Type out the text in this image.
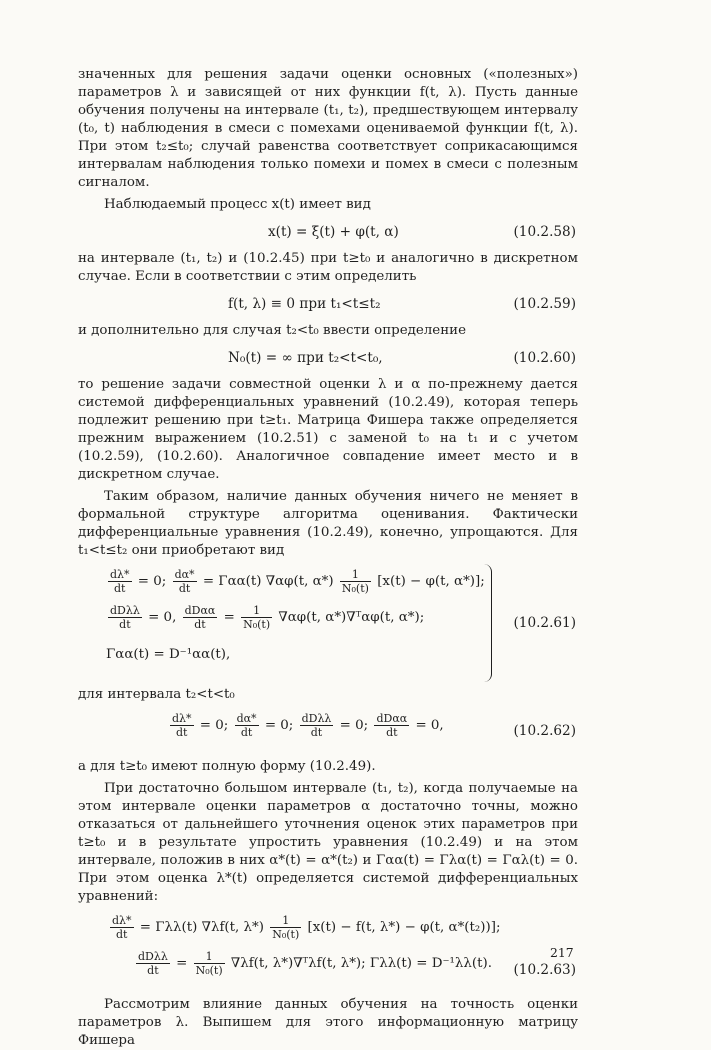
значенных для решения задачи оценки основных («полезных») параметров λ и зависящей от них функции f(t, λ). Пусть данные обучения получены на интервале (t₁, t₂), предшествующем интервалу (t₀, t) наблюдения в смеси с помехами оцениваемой функции f(t, λ). При этом t₂≤t₀; случай равенства соответствует соприкасающимся интервалам наблюдения только помехи и помех в смеси с полезным сигналом.

Наблюдаемый процесс x(t) имеет вид

x(t) = ξ(t) + φ(t, α)	(10.2.58)

на интервале (t₁, t₂) и (10.2.45) при t≥t₀ и аналогично в дискретном случае. Если в соответствии с этим определить

f(t, λ) ≡ 0 при t₁<t≤t₂	(10.2.59)

и дополнительно для случая t₂<t₀ ввести определение

N₀(t) = ∞ при t₂<t<t₀,	(10.2.60)

то решение задачи совместной оценки λ и α по-прежнему дается системой дифференциальных уравнений (10.2.49), которая теперь подлежит решению при t≥t₁. Матрица Фишера также определяется прежним выражением (10.2.51) с заменой t₀ на t₁ и с учетом (10.2.59), (10.2.60). Аналогичное совпадение имеет место и в дискретном случае.

Таким образом, наличие данных обучения ничего не меняет в формальной структуре алгоритма оценивания. Фактически дифференциальные уравнения (10.2.49), конечно, упрощаются. Для t₁<t≤t₂ они приобретают вид

$\frac{d\lambda*}{dt} = 0$; $\frac{d\alpha*}{dt} = \Gamma\alpha\alpha(t)$ ∇αφ(t, $\alpha*) \frac{1}{\text{N₀(t)}} [x(t) - \varphi(t$, α*)];
$\frac{\text{dDλλ}}{dt} = 0$, $\frac{\text{dDαα}}{dt} = \frac{1}{\text{N₀(t)}} \nabla\alpha\varphi(t$, α*)∇ᵀαφ(t, α*);
Γαα(t) = D⁻¹αα(t),
(10.2.61)

для интервала t₂<t<t₀

$\frac{d\lambda*}{dt} = 0$; $\frac{d\alpha*}{dt} = 0$; $\frac{\text{dDλλ}}{dt} = 0$; $\frac{\text{dDαα}}{dt} = 0$,	(10.2.62)

а для t≥t₀ имеют полную форму (10.2.49).

При достаточно большом интервале (t₁, t₂), когда получаемые на этом интервале оценки параметров α достаточно точны, можно отказаться от дальнейшего уточнения оценок этих параметров при t≥t₀ и в результате упростить уравнения (10.2.49) и на этом интервале, положив в них α*(t) = α*(t₂) и Γαα(t) = Γλα(t) = Γαλ(t) = 0. При этом оценка λ*(t) определяется системой дифференциальных уравнений:

$\frac{d\lambda*}{dt} = \Gamma\lambda\lambda(t)$ ∇λf(t, $\lambda*) \frac{1}{\text{N₀(t)}} [x(t) - f(t$, λ*) − φ(t, α*(t₂))];
$\frac{\text{dDλλ}}{dt} = \frac{1}{\text{N₀(t)}} \nabla\lambda f(t$, λ*)∇ᵀλf(t, λ*); Γλλ(t) = D⁻¹λλ(t).	(10.2.63)

Рассмотрим влияние данных обучения на точность оценки параметров λ. Выпишем для этого информационную матрицу Фишера

217
